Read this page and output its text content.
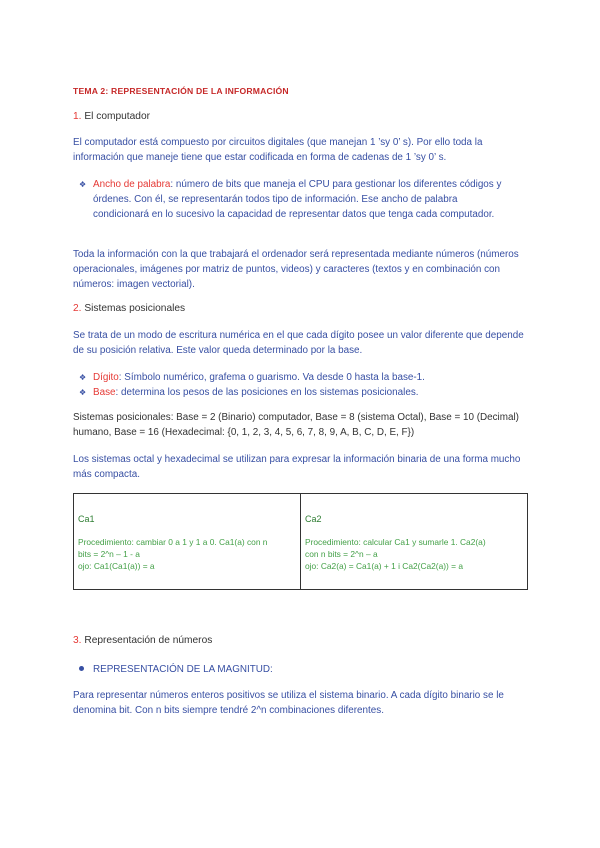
TEMA 2: REPRESENTACIÓN DE LA INFORMACIÓN
1. El computador
El computador está compuesto por circuitos digitales (que manejan 1 ’sy 0’ s). Por ello toda la información que maneje tiene que estar codificada en forma de cadenas de 1 ’sy 0’ s.
❖ Ancho de palabra: número de bits que maneja el CPU para gestionar los diferentes códigos y órdenes. Con él, se representarán todos tipo de información. Ese ancho de palabra condicionará en lo sucesivo la capacidad de representar datos que tenga cada computador.
Toda la información con la que trabajará el ordenador será representada mediante números (números operacionales, imágenes por matriz de puntos, videos) y caracteres (textos y en combinación con números: imagen vectorial).
2. Sistemas posicionales
Se trata de un modo de escritura numérica en el que cada dígito posee un valor diferente que depende de su posición relativa. Este valor queda determinado por la base.
❖ Dígito: Símbolo numérico, grafema o guarismo. Va desde 0 hasta la base-1.
❖ Base: determina los pesos de las posiciones en los sistemas posicionales.
Sistemas posicionales: Base = 2 (Binario) computador, Base = 8 (sistema Octal), Base = 10 (Decimal) humano, Base = 16 (Hexadecimal: {0, 1, 2, 3, 4, 5, 6, 7, 8, 9, A, B, C, D, E, F})
Los sistemas octal y hexadecimal se utilizan para expresar la información binaria de una forma mucho más compacta.
Ca1
Procedimiento: cambiar 0 a 1 y 1 a 0. Ca1(a) con n
bits = 2^n – 1 - a
ojo: Ca1(Ca1(a)) = a

Ca2
Procedimiento: calcular Ca1 y sumarle 1. Ca2(a)
con n bits = 2^n – a
ojo: Ca2(a) = Ca1(a) + 1 i Ca2(Ca2(a)) = a
3. Representación de números
REPRESENTACIÓN DE LA MAGNITUD:
Para representar números enteros positivos se utiliza el sistema binario. A cada dígito binario se le denomina bit. Con n bits siempre tendré 2^n combinaciones diferentes.
